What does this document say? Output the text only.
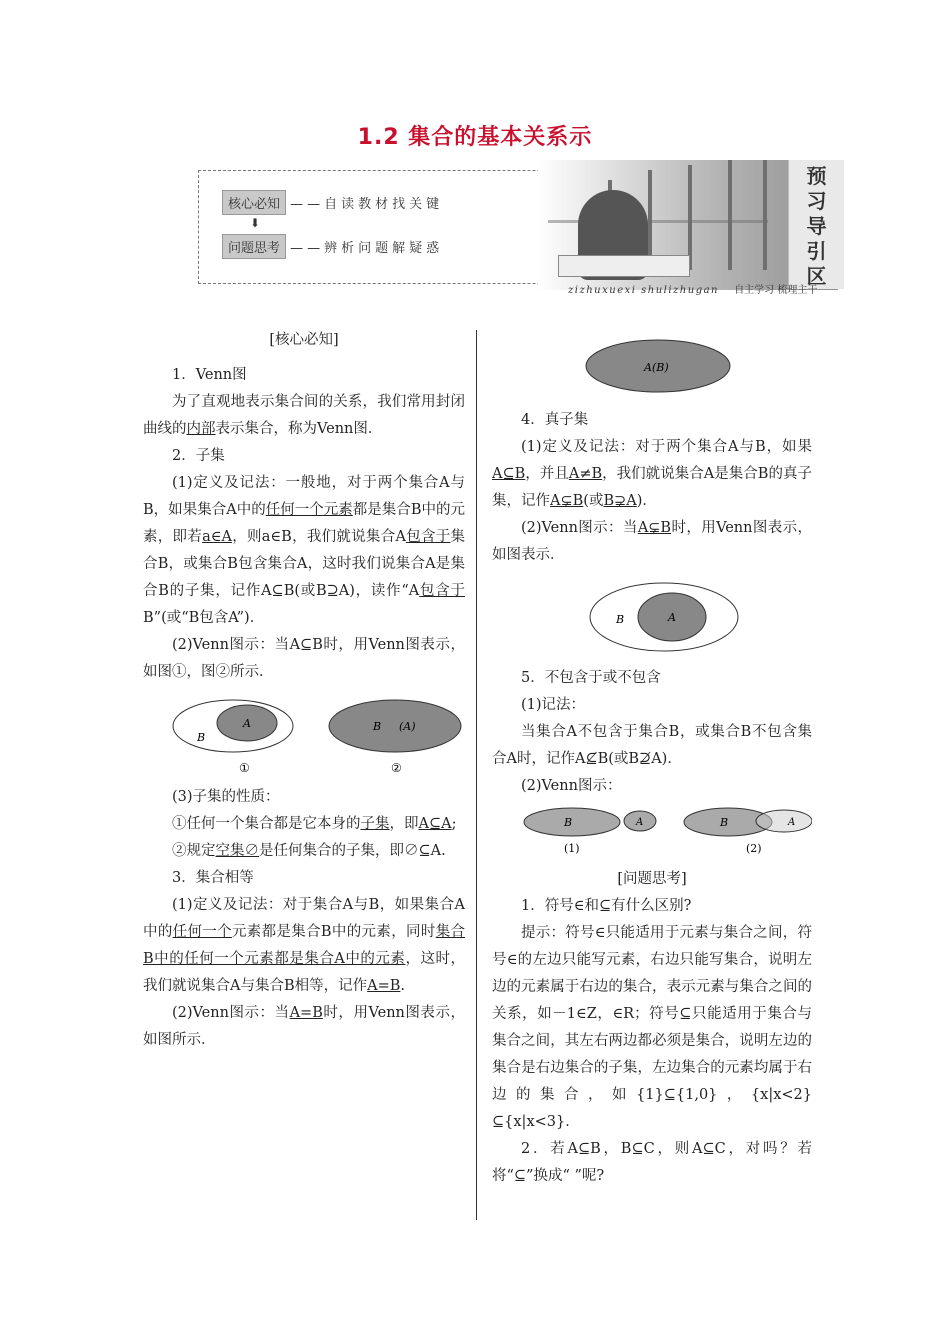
1.2 集合的基本关系示
预
习
导
引
区
核心必知 ——自读教材找关键
⬇
问题思考 ——辨析问题解疑惑
zizhuxuexi shulizhugan 自主学习 梳理主干

[核心必知]

1．Venn图

为了直观地表示集合间的关系，我们常用封闭曲线的内部表示集合，称为Venn图．

2．子集

(1)定义及记法：一般地，对于两个集合A与B，如果集合A中的任何一个元素都是集合B中的元素，即若a∈A，则a∈B，我们就说集合A包含于集合B，或集合B包含集合A，这时我们说集合A是集合B的子集，记作A⊆B(或B⊇A)，读作“A包含于B”(或“B包含A”)．

(2)Venn图示：当A⊆B时，用Venn图表示，如图①，图②所示．

A
B
B (A)
①	②

(3)子集的性质：

①任何一个集合都是它本身的子集，即A⊆A;

②规定空集∅是任何集合的子集，即∅⊆A.

3．集合相等

(1)定义及记法：对于集合A与B，如果集合A中的任何一个元素都是集合B中的元素，同时集合B中的任何一个元素都是集合A中的元素，这时，我们就说集合A与集合B相等，记作A=B.

(2)Venn图示：当A=B时，用Venn图表示，如图所示．

A(B)

4．真子集

(1)定义及记法：对于两个集合A与B，如果A⊆B，并且A≠B，我们就说集合A是集合B的真子集，记作A⊊B(或B⊋A)．

(2)Venn图示：当A⊊B时，用Venn图表示，如图表示．

B	A

5．不包含于或不包含

(1)记法：

当集合A不包含于集合B，或集合B不包含集合A时，记作A⊈B(或B⊉A)．

(2)Venn图示：

B	A	B	A
(1)	(2)

[问题思考]

1．符号∈和⊆有什么区别?

提示：符号∈只能适用于元素与集合之间，符号∈的左边只能写元素，右边只能写集合，说明左边的元素属于右边的集合，表示元素与集合之间的关系，如－1∈Z，∈R；符号⊆只能适用于集合与集合之间，其左右两边都必须是集合，说明左边的集合是右边集合的子集，左边集合的元素均属于右边的集合，如{1}⊆{1,0}，{x|x<2}⊆{x|x<3}．

2．若A⊆B，B⊆C，则A⊆C，对吗？若将“⊆”换成“ ”呢?
